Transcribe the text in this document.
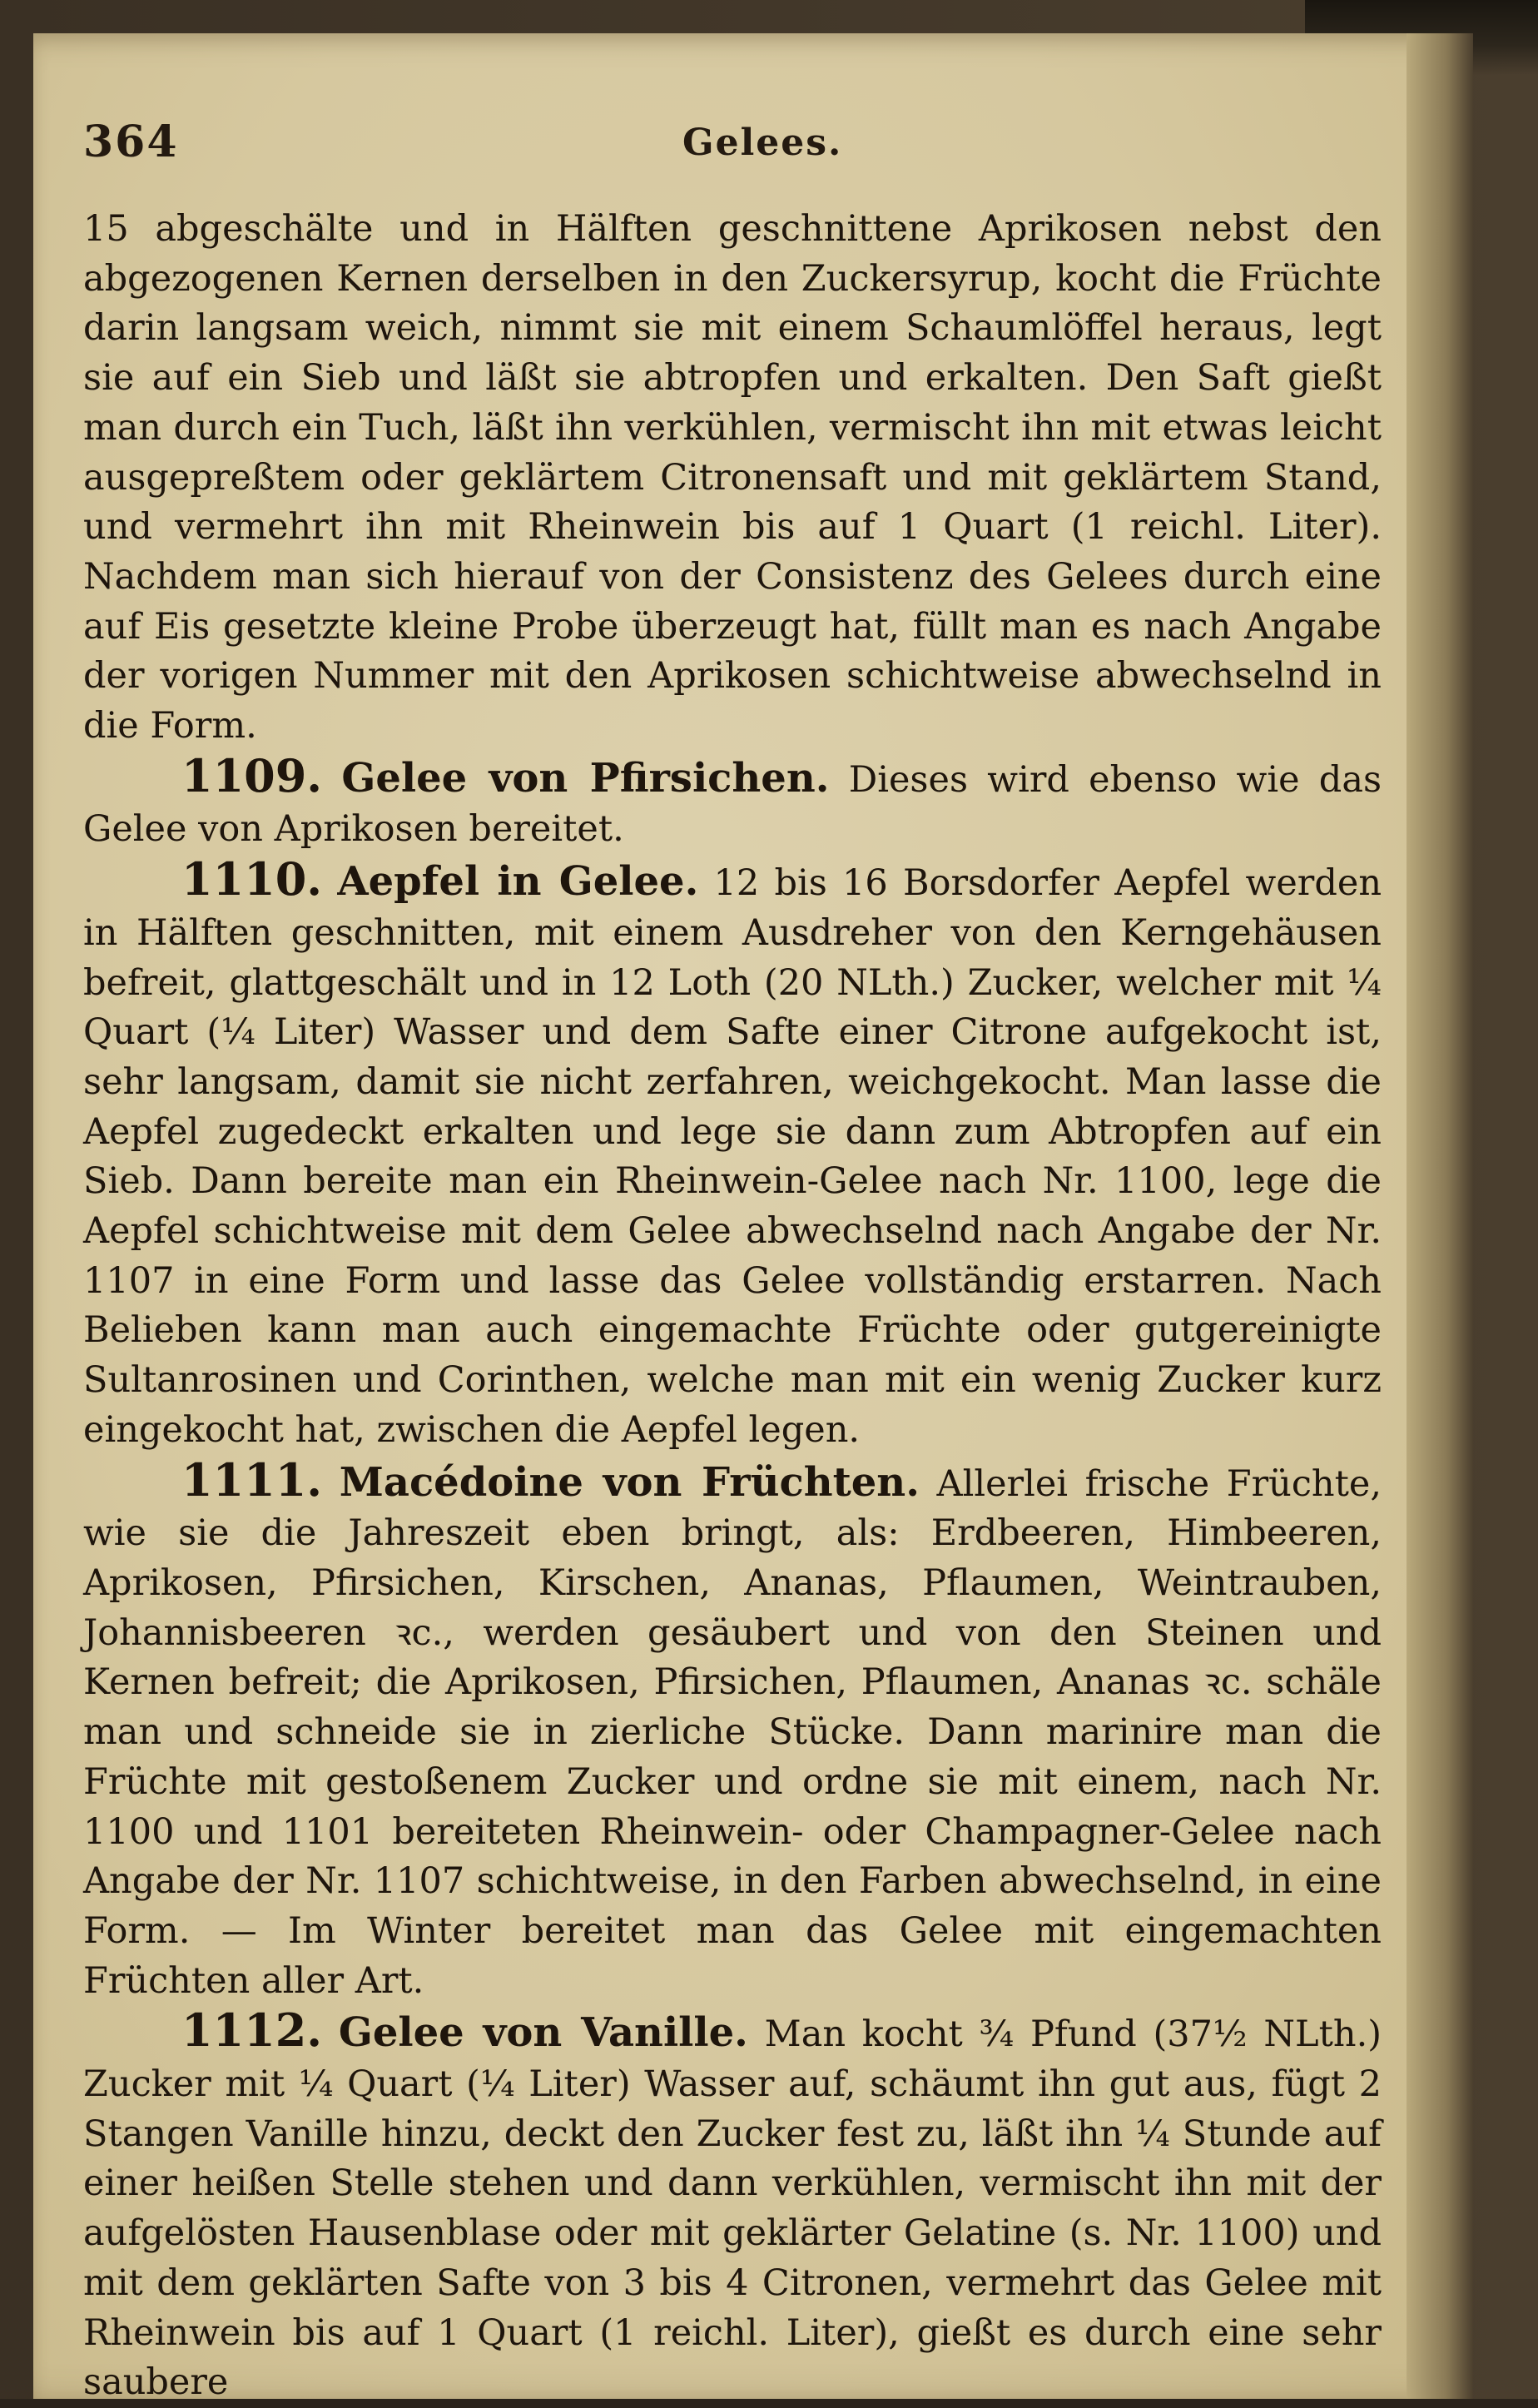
364	Gelees.

15 abgeschälte und in Hälften geschnittene Aprikosen nebst den abgezogenen Kernen derselben in den Zuckersyrup, kocht die Früchte darin langsam weich, nimmt sie mit einem Schaumlöffel heraus, legt sie auf ein Sieb und läßt sie abtropfen und erkalten. Den Saft gießt man durch ein Tuch, läßt ihn verkühlen, vermischt ihn mit etwas leicht ausgepreßtem oder geklärtem Citronensaft und mit geklärtem Stand, und vermehrt ihn mit Rheinwein bis auf 1 Quart (1 reichl. Liter). Nachdem man sich hierauf von der Consistenz des Gelees durch eine auf Eis gesetzte kleine Probe überzeugt hat, füllt man es nach Angabe der vorigen Nummer mit den Aprikosen schichtweise abwechselnd in die Form.

1109. Gelee von Pfirsichen. Dieses wird ebenso wie das Gelee von Aprikosen bereitet.

1110. Aepfel in Gelee. 12 bis 16 Borsdorfer Aepfel werden in Hälften geschnitten, mit einem Ausdreher von den Kerngehäusen befreit, glattgeschält und in 12 Loth (20 NLth.) Zucker, welcher mit ¼ Quart (¼ Liter) Wasser und dem Safte einer Citrone aufgekocht ist, sehr langsam, damit sie nicht zerfahren, weichgekocht. Man lasse die Aepfel zugedeckt erkalten und lege sie dann zum Abtropfen auf ein Sieb. Dann bereite man ein Rheinwein-Gelee nach Nr. 1100, lege die Aepfel schichtweise mit dem Gelee abwechselnd nach Angabe der Nr. 1107 in eine Form und lasse das Gelee vollständig erstarren. Nach Belieben kann man auch eingemachte Früchte oder gutgereinigte Sultanrosinen und Corinthen, welche man mit ein wenig Zucker kurz eingekocht hat, zwischen die Aepfel legen.

1111. Macédoine von Früchten. Allerlei frische Früchte, wie sie die Jahreszeit eben bringt, als: Erdbeeren, Himbeeren, Aprikosen, Pfirsichen, Kirschen, Ananas, Pflaumen, Weintrauben, Johannisbeeren ꝛc., werden gesäubert und von den Steinen und Kernen befreit; die Aprikosen, Pfirsichen, Pflaumen, Ananas ꝛc. schäle man und schneide sie in zierliche Stücke. Dann marinire man die Früchte mit gestoßenem Zucker und ordne sie mit einem, nach Nr. 1100 und 1101 bereiteten Rheinwein- oder Champagner-Gelee nach Angabe der Nr. 1107 schichtweise, in den Farben abwechselnd, in eine Form. — Im Winter bereitet man das Gelee mit eingemachten Früchten aller Art.

1112. Gelee von Vanille. Man kocht ¾ Pfund (37½ NLth.) Zucker mit ¼ Quart (¼ Liter) Wasser auf, schäumt ihn gut aus, fügt 2 Stangen Vanille hinzu, deckt den Zucker fest zu, läßt ihn ¼ Stunde auf einer heißen Stelle stehen und dann verkühlen, vermischt ihn mit der aufgelösten Hausenblase oder mit geklärter Gelatine (s. Nr. 1100) und mit dem geklärten Safte von 3 bis 4 Citronen, vermehrt das Gelee mit Rheinwein bis auf 1 Quart (1 reichl. Liter), gießt es durch eine sehr saubere
